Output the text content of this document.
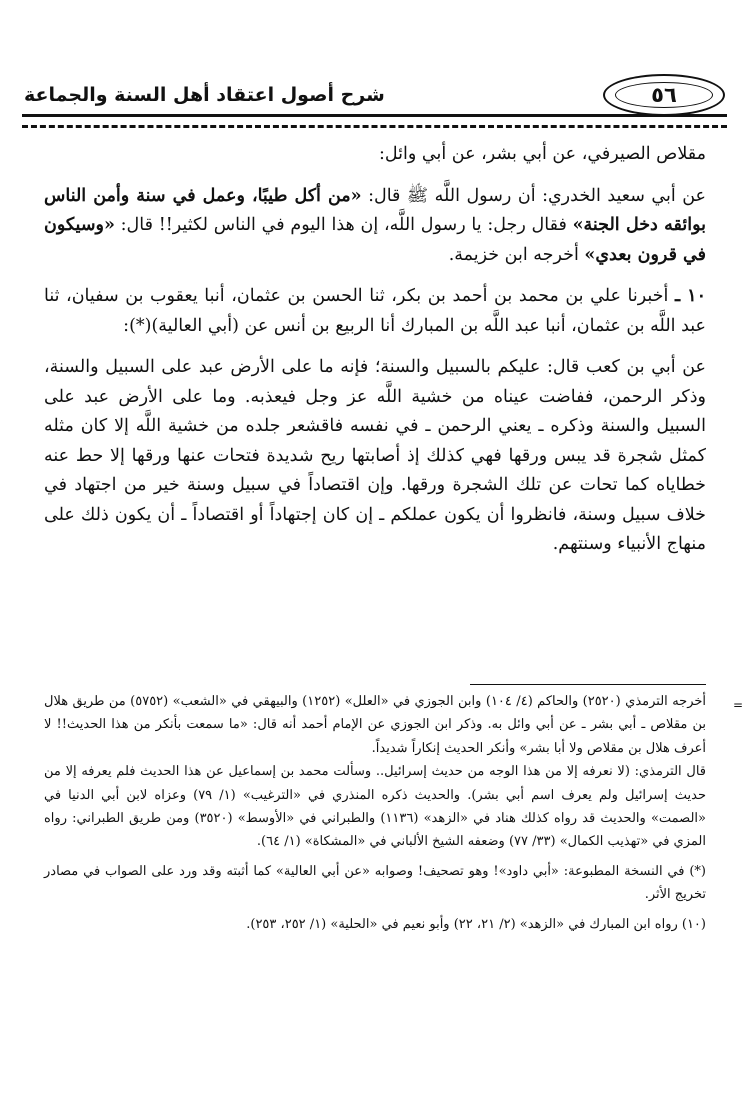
٥٦
شرح أصول اعتقاد أهل السنة والجماعة

مقلاص الصيرفي، عن أبي بشر، عن أبي وائل:

عن أبي سعيد الخدري: أن رسول اللَّه ﷺ قال: «من أكل طيبًا، وعمل في سنة وأمن الناس بوائقه دخل الجنة» فقال رجل: يا رسول اللَّه، إن هذا اليوم في الناس لكثير!! قال: «وسيكون في قرون بعدي» أخرجه ابن خزيمة.

١٠ ـ أخبرنا علي بن محمد بن أحمد بن بكر، ثنا الحسن بن عثمان، أنبا يعقوب بن سفيان، ثنا عبد اللَّه بن عثمان، أنبا عبد اللَّه بن المبارك أنا الربيع بن أنس عن (أبي العالية)(*):

عن أبي بن كعب قال: عليكم بالسبيل والسنة؛ فإنه ما على الأرض عبد على السبيل والسنة، وذكر الرحمن، ففاضت عيناه من خشية اللَّه عز وجل فيعذبه. وما على الأرض عبد على السبيل والسنة وذكره ـ يعني الرحمن ـ في نفسه فاقشعر جلده من خشية اللَّه إلا كان مثله كمثل شجرة قد يبس ورقها فهي كذلك إذ أصابتها ريح شديدة فتحات عنها ورقها إلا حط عنه خطاياه كما تحات عن تلك الشجرة ورقها. وإن اقتصاداً في سبيل وسنة خير من اجتهاد في خلاف سبيل وسنة، فانظروا أن يكون عملكم ـ إن كان إجتهاداً أو اقتصاداً ـ أن يكون ذلك على منهاج الأنبياء وسنتهم.

=

أخرجه الترمذي (٢٥٢٠) والحاكم (٤/ ١٠٤) وابن الجوزي في «العلل» (١٢٥٢) والبيهقي في «الشعب» (٥٧٥٢) من طريق هلال بن مقلاص ـ أبي بشر ـ عن أبي وائل به. وذكر ابن الجوزي عن الإمام أحمد أنه قال: «ما سمعت بأنكر من هذا الحديث!! لا أعرف هلال بن مقلاص ولا أبا بشر» وأنكر الحديث إنكاراً شديداً.

قال الترمذي: (لا نعرفه إلا من هذا الوجه من حديث إسرائيل.. وسألت محمد بن إسماعيل عن هذا الحديث فلم يعرفه إلا من حديث إسرائيل ولم يعرف اسم أبي بشر). والحديث ذكره المنذري في «الترغيب» (١/ ٧٩) وعزاه لابن أبي الدنيا في «الصمت» والحديث قد رواه كذلك هناد في «الزهد» (١١٣٦) والطبراني في «الأوسط» (٣٥٢٠) ومن طريق الطبراني: رواه المزي في «تهذيب الكمال» (٣٣/ ٧٧) وضعفه الشيخ الألباني في «المشكاة» (١/ ٦٤).

(*) في النسخة المطبوعة: «أبي داود»! وهو تصحيف! وصوابه «عن أبي العالية» كما أثبته وقد ورد على الصواب في مصادر تخريج الأثر.

(١٠) رواه ابن المبارك في «الزهد» (٢/ ٢١، ٢٢) وأبو نعيم في «الحلية» (١/ ٢٥٢، ٢٥٣).
